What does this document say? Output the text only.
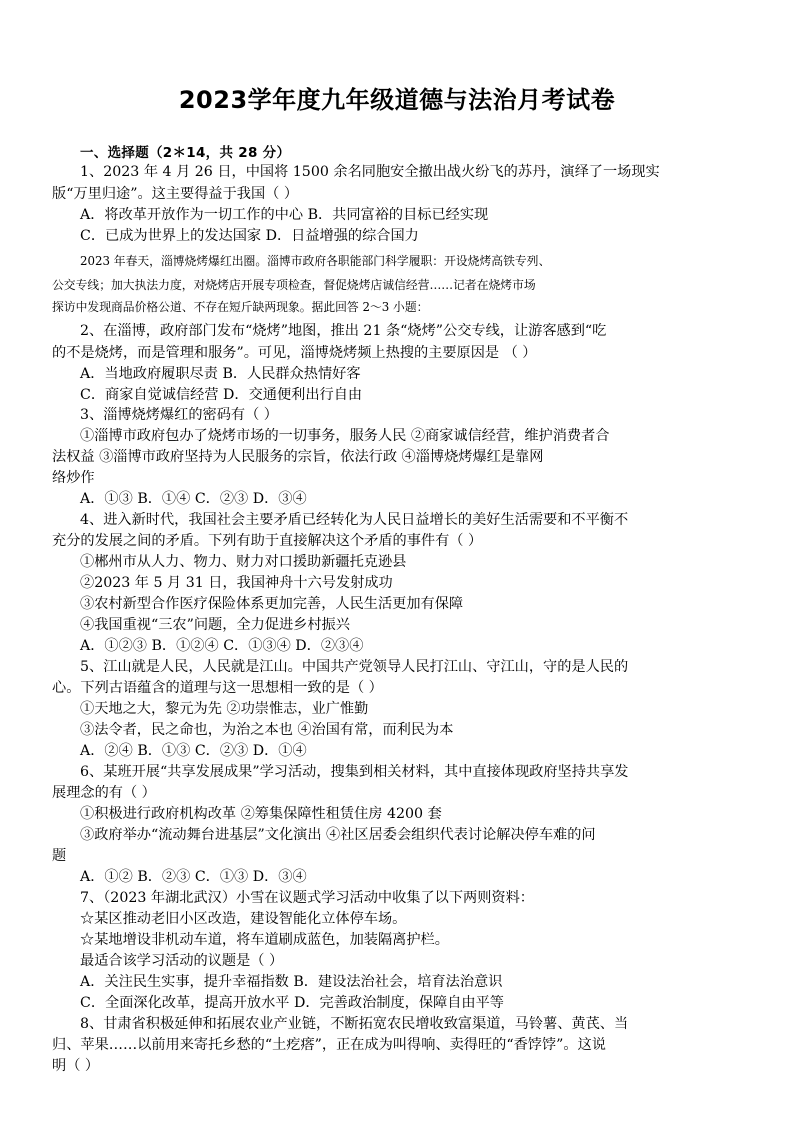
2023学年度九年级道德与法治月考试卷
一、选择题（2＊14，共 28 分）
1、2023 年 4 月 26 日，中国将 1500 余名同胞安全撤出战火纷飞的苏丹，演绎了一场现实
版“万里归途”。这主要得益于我国（ ）
A．将改革开放作为一切工作的中心 B．共同富裕的目标已经实现
C．已成为世界上的发达国家 D．日益增强的综合国力
2023 年春天，淄博烧烤爆红出圈。淄博市政府各职能部门科学履职：开设烧烤高铁专列、
公交专线；加大执法力度，对烧烤店开展专项检查，督促烧烤店诚信经营……记者在烧烤市场
探访中发现商品价格公道、不存在短斤缺两现象。据此回答 2～3 小题：
2、在淄博，政府部门发布“烧烤”地图，推出 21 条“烧烤”公交专线，让游客感到“吃
的不是烧烤，而是管理和服务”。可见，淄博烧烤频上热搜的主要原因是 （ ）
A．当地政府履职尽责 B．人民群众热情好客
C．商家自觉诚信经营 D．交通便利出行自由
3、淄博烧烤爆红的密码有（ ）
①淄博市政府包办了烧烤市场的一切事务，服务人民 ②商家诚信经营，维护消费者合
法权益 ③淄博市政府坚持为人民服务的宗旨，依法行政 ④淄博烧烤爆红是靠网
络炒作
A．①③ B．①④ C．②③ D．③④
4、进入新时代，我国社会主要矛盾已经转化为人民日益增长的美好生活需要和不平衡不
充分的发展之间的矛盾。下列有助于直接解决这个矛盾的事件有（ ）
①郴州市从人力、物力、财力对口援助新疆托克逊县
②2023 年 5 月 31 日，我国神舟十六号发射成功
③农村新型合作医疗保险体系更加完善，人民生活更加有保障
④我国重视“三农”问题，全力促进乡村振兴
A．①②③ B．①②④ C．①③④ D．②③④
5、江山就是人民，人民就是江山。中国共产党领导人民打江山、守江山，守的是人民的
心。下列古语蕴含的道理与这一思想相一致的是（ ）
①天地之大，黎元为先 ②功崇惟志，业广惟勤
③法令者，民之命也，为治之本也 ④治国有常，而利民为本
A．②④ B．①③ C．②③ D．①④
6、某班开展“共享发展成果”学习活动，搜集到相关材料，其中直接体现政府坚持共享发
展理念的有（ ）
①积极进行政府机构改革 ②筹集保障性租赁住房 4200 套
③政府举办“流动舞台进基层”文化演出 ④社区居委会组织代表讨论解决停车难的问
题
A．①② B．②③ C．①③ D．③④
7、（2023 年湖北武汉）小雪在议题式学习活动中收集了以下两则资料：
☆某区推动老旧小区改造，建设智能化立体停车场。
☆某地增设非机动车道，将车道刷成蓝色，加装隔离护栏。
最适合该学习活动的议题是（ ）
A．关注民生实事，提升幸福指数 B．建设法治社会，培育法治意识
C．全面深化改革，提高开放水平 D．完善政治制度，保障自由平等
8、甘肃省积极延伸和拓展农业产业链，不断拓宽农民增收致富渠道，马铃薯、黄芪、当
归、苹果……以前用来寄托乡愁的“土疙瘩”，正在成为叫得响、卖得旺的“香饽饽”。这说
明（ ）
